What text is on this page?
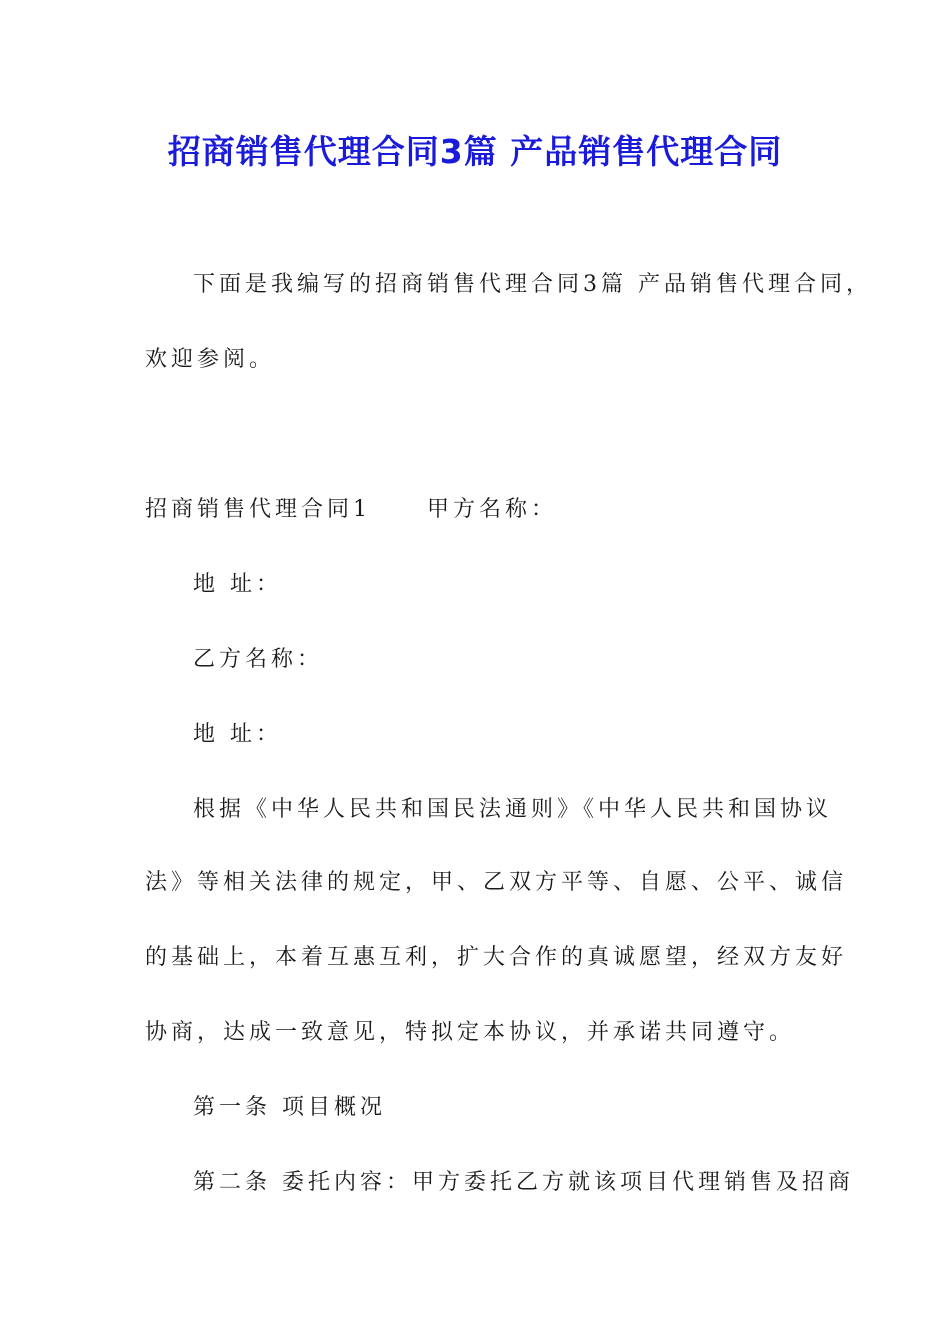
招商销售代理合同3篇 产品销售代理合同

下面是我编写的招商销售代理合同3篇 产品销售代理合同，

欢迎参阅。

招商销售代理合同1	甲方名称：

地 址：

乙方名称：

地 址：

根据《中华人民共和国民法通则》《中华人民共和国协议

法》等相关法律的规定，甲、乙双方平等、自愿、公平、诚信

的基础上，本着互惠互利，扩大合作的真诚愿望，经双方友好

协商，达成一致意见，特拟定本协议，并承诺共同遵守。

第一条 项目概况

第二条 委托内容：甲方委托乙方就该项目代理销售及招商
